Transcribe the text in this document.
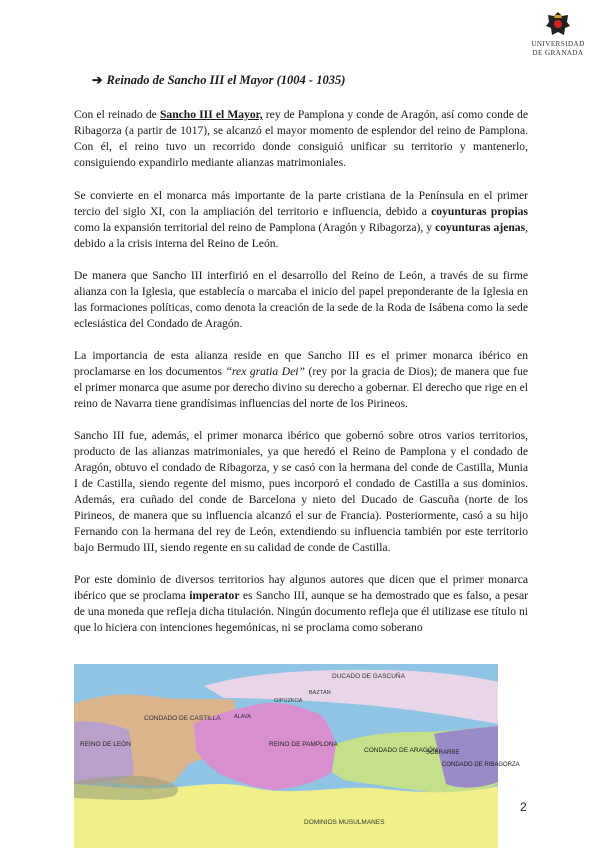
UNIVERSIDAD
DE GRANADA
➔ Reinado de Sancho III el Mayor (1004 - 1035)

Con el reinado de Sancho III el Mayor, rey de Pamplona y conde de Aragón, así como conde de Ribagorza (a partir de 1017), se alcanzó el mayor momento de esplendor del reino de Pamplona. Con él, el reino tuvo un recorrido donde consiguió unificar su territorio y mantenerlo, consiguiendo expandirlo mediante alianzas matrimoniales.

Se convierte en el monarca más importante de la parte cristiana de la Península en el primer tercio del siglo XI, con la ampliación del territorio e influencia, debido a coyunturas propias como la expansión territorial del reino de Pamplona (Aragón y Ribagorza), y coyunturas ajenas, debido a la crisis interna del Reino de León.

De manera que Sancho III interfirió en el desarrollo del Reino de León, a través de su firme alianza con la Iglesia, que establecía o marcaba el inicio del papel preponderante de la Iglesia en las formaciones políticas, como denota la creación de la sede de la Roda de Isábena como la sede eclesiástica del Condado de Aragón.

La importancia de esta alianza reside en que Sancho III es el primer monarca ibérico en proclamarse en los documentos “rex gratia Dei” (rey por la gracia de Dios); de manera que fue el primer monarca que asume por derecho divino su derecho a gobernar. El derecho que rige en el reino de Navarra tiene grandísimas influencias del norte de los Pirineos.

Sancho III fue, además, el primer monarca ibérico que gobernó sobre otros varios territorios, producto de las alianzas matrimoniales, ya que heredó el Reino de Pamplona y el condado de Aragón, obtuvo el condado de Ribagorza, y se casó con la hermana del conde de Castilla, Munia I de Castilla, siendo regente del mismo, pues incorporó el condado de Castilla a sus dominios. Además, era cuñado del conde de Barcelona y nieto del Ducado de Gascuña (norte de los Pirineos, de manera que su influencia alcanzó el sur de Francia). Posteriormente, casó a su hijo Fernando con la hermana del rey de León, extendiendo su influencia también por este territorio bajo Bermudo III, siendo regente en su calidad de conde de Castilla.

Por este dominio de diversos territorios hay algunos autores que dicen que el primer monarca ibérico que se proclama imperator es Sancho III, aunque se ha demostrado que es falso, a pesar de una moneda que refleja dicha titulación. Ningún documento refleja que él utilizase ese título ni que lo hiciera con intenciones hegemónicas, ni se proclama como soberano

DUCADO DE GASCUÑA
CONDADO DE CASTILLA
REINO DE LEÓN	REINO DE PAMPLONA
CONDADO DE ARAGÓN
SOBRARBE
CONDADO DE RIBAGORZA
DOMINIOS MUSULMANES
ÁLAVA
GIPUZKOA
BAZTÁN
2
